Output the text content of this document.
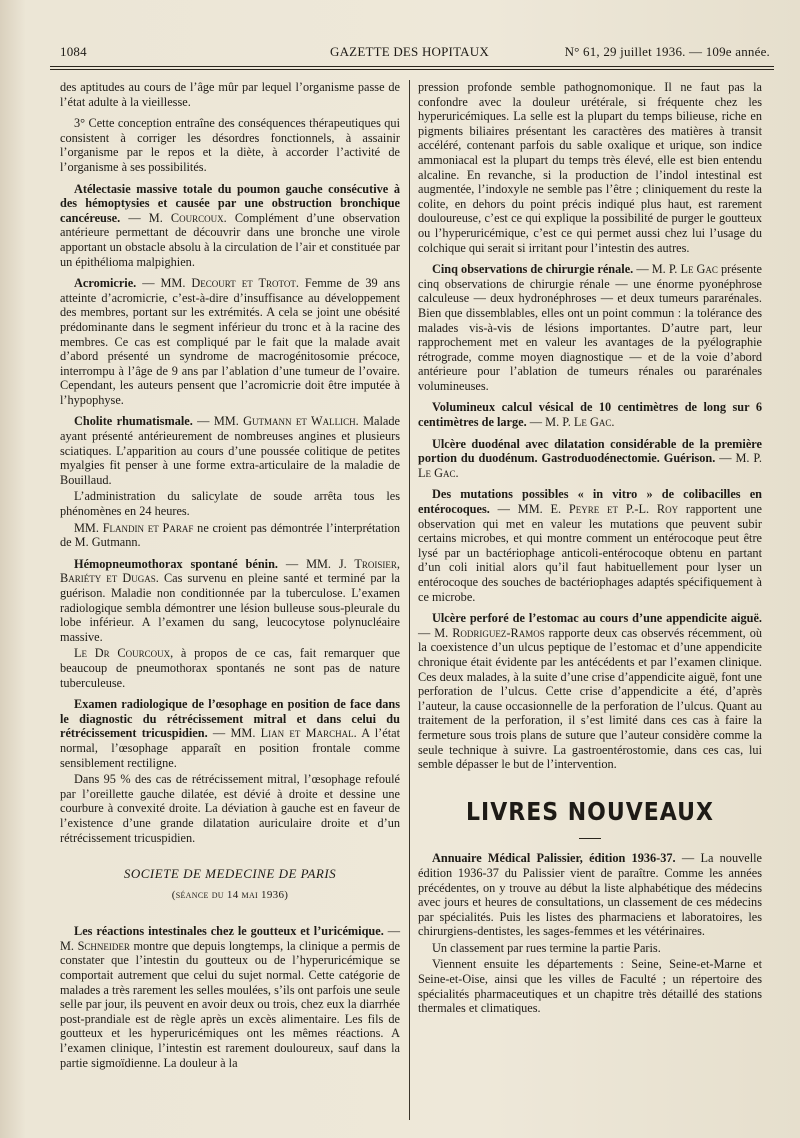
1084	GAZETTE DES HOPITAUX	N° 61, 29 juillet 1936. — 109e année.

des aptitudes au cours de l’âge mûr par lequel l’organisme passe de l’état adulte à la vieillesse.

3° Cette conception entraîne des conséquences thérapeutiques qui consistent à corriger les désordres fonctionnels, à assainir l’organisme par le repos et la diète, à accorder l’activité de l’organisme à ses possibilités.

Atélectasie massive totale du poumon gauche consécutive à des hémoptysies et causée par une obstruction bronchique cancéreuse. — M. Courcoux. Complément d’une observation antérieure permettant de découvrir dans une bronche une virole apportant un obstacle absolu à la circulation de l’air et constituée par un épithélioma malpighien.

Acromicrie. — MM. Decourt et Trotot. Femme de 39 ans atteinte d’acromicrie, c’est-à-dire d’insuffisance au développement des membres, portant sur les extrémités. A cela se joint une obésité prédominante dans le segment inférieur du tronc et à la racine des membres. Ce cas est compliqué par le fait que la malade avait d’abord présenté un syndrome de macrogénitosomie précoce, interrompu à l’âge de 9 ans par l’ablation d’une tumeur de l’ovaire. Cependant, les auteurs pensent que l’acromicrie doit être imputée à l’hypophyse.

Cholite rhumatismale. — MM. Gutmann et Wallich. Malade ayant présenté antérieurement de nombreuses angines et plusieurs sciatiques. L’apparition au cours d’une poussée colitique de petites myalgies fit penser à une forme extra-articulaire de la maladie de Bouillaud.

L’administration du salicylate de soude arrêta tous les phénomènes en 24 heures.

MM. Flandin et Paraf ne croient pas démontrée l’interprétation de M. Gutmann.

Hémopneumothorax spontané bénin. — MM. J. Troisier, Bariéty et Dugas. Cas survenu en pleine santé et terminé par la guérison. Maladie non conditionnée par la tuberculose. L’examen radiologique sembla démontrer une lésion bulleuse sous-pleurale du lobe inférieur. A l’examen du sang, leucocytose polynucléaire massive.

Le Dr Courcoux, à propos de ce cas, fait remarquer que beaucoup de pneumothorax spontanés ne sont pas de nature tuberculeuse.

Examen radiologique de l’œsophage en position de face dans le diagnostic du rétrécissement mitral et dans celui du rétrécissement tricuspidien. — MM. Lian et Marchal. A l’état normal, l’œsophage apparaît en position frontale comme sensiblement rectiligne.

Dans 95 % des cas de rétrécissement mitral, l’œsophage refoulé par l’oreillette gauche dilatée, est dévié à droite et dessine une courbure à convexité droite. La déviation à gauche est en faveur de l’existence d’une grande dilatation auriculaire droite et d’un rétrécissement tricuspidien.

SOCIETE DE MEDECINE DE PARIS
(séance du 14 mai 1936)

Les réactions intestinales chez le goutteux et l’uricémique. — M. Schneider montre que depuis longtemps, la clinique a permis de constater que l’intestin du goutteux ou de l’hyperuricémique se comportait autrement que celui du sujet normal. Cette catégorie de malades a très rarement les selles moulées, s’ils ont parfois une seule selle par jour, ils peuvent en avoir deux ou trois, chez eux la diarrhée post-prandiale est de règle après un excès alimentaire. Les fils de goutteux et les hyperuricémiques ont les mêmes réactions. A l’examen clinique, l’intestin est rarement douloureux, sauf dans la partie sigmoïdienne. La douleur à la

pression profonde semble pathognomonique. Il ne faut pas la confondre avec la douleur urétérale, si fréquente chez les hyperuricémiques. La selle est la plupart du temps bilieuse, riche en pigments biliaires présentant les caractères des matières à transit accéléré, contenant parfois du sable oxalique et urique, son indice ammoniacal est la plupart du temps très élevé, elle est bien entendu alcaline. En revanche, si la production de l’indol intestinal est augmentée, l’indoxyle ne semble pas l’être ; cliniquement du reste la colite, en dehors du point précis indiqué plus haut, est rarement douloureuse, c’est ce qui explique la possibilité de purger le goutteux ou l’hyperuricémique, c’est ce qui permet aussi chez lui l’usage du colchique qui serait si irritant pour l’intestin des autres.

Cinq observations de chirurgie rénale. — M. P. Le Gac présente cinq observations de chirurgie rénale — une énorme pyonéphrose calculeuse — deux hydronéphroses — et deux tumeurs pararénales. Bien que dissemblables, elles ont un point commun : la tolérance des malades vis-à-vis de lésions importantes. D’autre part, leur rapprochement met en valeur les avantages de la pyélographie rétrograde, comme moyen diagnostique — et de la voie d’abord antérieure pour l’ablation de tumeurs rénales ou pararénales volumineuses.

Volumineux calcul vésical de 10 centimètres de long sur 6 centimètres de large. — M. P. Le Gac.

Ulcère duodénal avec dilatation considérable de la première portion du duodénum. Gastroduodénectomie. Guérison. — M. P. Le Gac.

Des mutations possibles « in vitro » de colibacilles en entérocoques. — MM. E. Peyre et P.-L. Roy rapportent une observation qui met en valeur les mutations que peuvent subir certains microbes, et qui montre comment un entérocoque peut être lysé par un bactériophage anticoli-entérocoque obtenu en partant d’un coli initial alors qu’il faut habituellement pour lyser un entérocoque des souches de bactériophages adaptés spécifiquement à ce microbe.

Ulcère perforé de l’estomac au cours d’une appendicite aiguë. — M. Rodriguez-Ramos rapporte deux cas observés récemment, où la coexistence d’un ulcus peptique de l’estomac et d’une appendicite chronique était évidente par les antécédents et par l’examen clinique. Ces deux malades, à la suite d’une crise d’appendicite aiguë, font une perforation de l’ulcus. Cette crise d’appendicite a été, d’après l’auteur, la cause occasionnelle de la perforation de l’ulcus. Quant au traitement de la perforation, il s’est limité dans ces cas à faire la fermeture sous trois plans de suture que l’auteur considère comme la seule technique à suivre. La gastroentérostomie, dans ces cas, lui semble dépasser le but de l’intervention.

LIVRES NOUVEAUX

Annuaire Médical Palissier, édition 1936-37. — La nouvelle édition 1936-37 du Palissier vient de paraître. Comme les années précédentes, on y trouve au début la liste alphabétique des médecins avec jours et heures de consultations, un classement de ces médecins par spécialités. Puis les listes des pharmaciens et laboratoires, les chirurgiens-dentistes, les sages-femmes et les vétérinaires.

Un classement par rues termine la partie Paris.

Viennent ensuite les départements : Seine, Seine-et-Marne et Seine-et-Oise, ainsi que les villes de Faculté ; un répertoire des spécialités pharmaceutiques et un chapitre très détaillé des stations thermales et climatiques.
